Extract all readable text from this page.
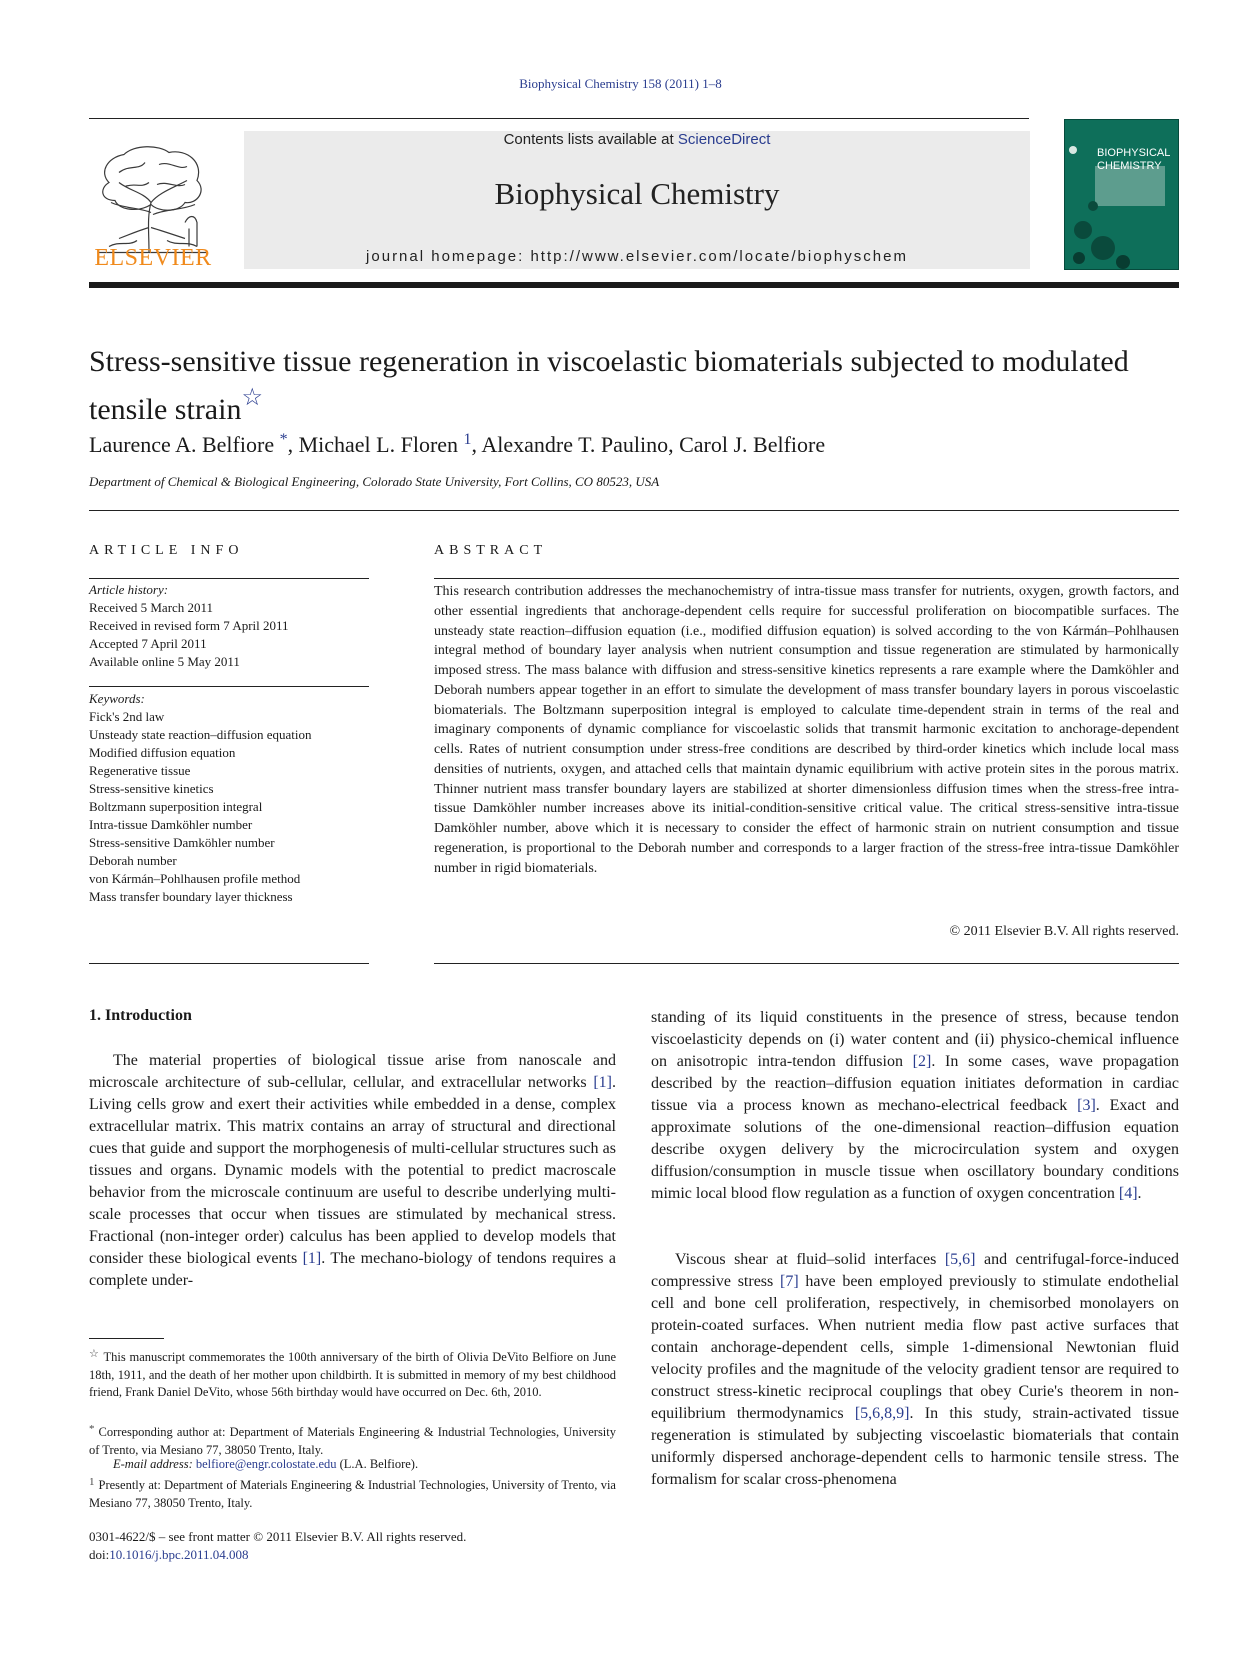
Biophysical Chemistry 158 (2011) 1–8
ELSEVIER
Contents lists available at ScienceDirect
Biophysical Chemistry
journal homepage: http://www.elsevier.com/locate/biophyschem
BIOPHYSICAL
CHEMISTRY
Stress-sensitive tissue regeneration in viscoelastic biomaterials subjected to modulated tensile strain☆
Laurence A. Belfiore *, Michael L. Floren $^1$, Alexandre T. Paulino, Carol J. Belfiore
Department of Chemical & Biological Engineering, Colorado State University, Fort Collins, CO 80523, USA
ARTICLE INFO	ABSTRACT
Article history:
Received 5 March 2011
Received in revised form 7 April 2011
Accepted 7 April 2011
Available online 5 May 2011
Keywords:
Fick's 2nd law
Unsteady state reaction–diffusion equation
Modified diffusion equation
Regenerative tissue
Stress-sensitive kinetics
Boltzmann superposition integral
Intra-tissue Damköhler number
Stress-sensitive Damköhler number
Deborah number
von Kármán–Pohlhausen profile method
Mass transfer boundary layer thickness
This research contribution addresses the mechanochemistry of intra-tissue mass transfer for nutrients, oxygen, growth factors, and other essential ingredients that anchorage-dependent cells require for successful proliferation on biocompatible surfaces. The unsteady state reaction–diffusion equation (i.e., modified diffusion equation) is solved according to the von Kármán–Pohlhausen integral method of boundary layer analysis when nutrient consumption and tissue regeneration are stimulated by harmonically imposed stress. The mass balance with diffusion and stress-sensitive kinetics represents a rare example where the Damköhler and Deborah numbers appear together in an effort to simulate the development of mass transfer boundary layers in porous viscoelastic biomaterials. The Boltzmann superposition integral is employed to calculate time-dependent strain in terms of the real and imaginary components of dynamic compliance for viscoelastic solids that transmit harmonic excitation to anchorage-dependent cells. Rates of nutrient consumption under stress-free conditions are described by third-order kinetics which include local mass densities of nutrients, oxygen, and attached cells that maintain dynamic equilibrium with active protein sites in the porous matrix. Thinner nutrient mass transfer boundary layers are stabilized at shorter dimensionless diffusion times when the stress-free intra-tissue Damköhler number increases above its initial-condition-sensitive critical value. The critical stress-sensitive intra-tissue Damköhler number, above which it is necessary to consider the effect of harmonic strain on nutrient consumption and tissue regeneration, is proportional to the Deborah number and corresponds to a larger fraction of the stress-free intra-tissue Damköhler number in rigid biomaterials.
© 2011 Elsevier B.V. All rights reserved.
1. Introduction
The material properties of biological tissue arise from nanoscale and microscale architecture of sub-cellular, cellular, and extracellular networks [1]. Living cells grow and exert their activities while embedded in a dense, complex extracellular matrix. This matrix contains an array of structural and directional cues that guide and support the morphogenesis of multi-cellular structures such as tissues and organs. Dynamic models with the potential to predict macroscale behavior from the microscale continuum are useful to describe underlying multi-scale processes that occur when tissues are stimulated by mechanical stress. Fractional (non-integer order) calculus has been applied to develop models that consider these biological events [1]. The mechano-biology of tendons requires a complete under-
standing of its liquid constituents in the presence of stress, because tendon viscoelasticity depends on (i) water content and (ii) physico-chemical influence on anisotropic intra-tendon diffusion [2]. In some cases, wave propagation described by the reaction–diffusion equation initiates deformation in cardiac tissue via a process known as mechano-electrical feedback [3]. Exact and approximate solutions of the one-dimensional reaction–diffusion equation describe oxygen delivery by the microcirculation system and oxygen diffusion/consumption in muscle tissue when oscillatory boundary conditions mimic local blood flow regulation as a function of oxygen concentration [4].
Viscous shear at fluid–solid interfaces [5,6] and centrifugal-force-induced compressive stress [7] have been employed previously to stimulate endothelial cell and bone cell proliferation, respectively, in chemisorbed monolayers on protein-coated surfaces. When nutrient media flow past active surfaces that contain anchorage-dependent cells, simple 1-dimensional Newtonian fluid velocity profiles and the magnitude of the velocity gradient tensor are required to construct stress-kinetic reciprocal couplings that obey Curie's theorem in non-equilibrium thermodynamics [5,6,8,9]. In this study, strain-activated tissue regeneration is stimulated by subjecting viscoelastic biomaterials that contain uniformly dispersed anchorage-dependent cells to harmonic tensile stress. The formalism for scalar cross-phenomena
☆ This manuscript commemorates the 100th anniversary of the birth of Olivia DeVito Belfiore on June 18th, 1911, and the death of her mother upon childbirth. It is submitted in memory of my best childhood friend, Frank Daniel DeVito, whose 56th birthday would have occurred on Dec. 6th, 2010.
* Corresponding author at: Department of Materials Engineering & Industrial Technologies, University of Trento, via Mesiano 77, 38050 Trento, Italy.
E-mail address: belfiore@engr.colostate.edu (L.A. Belfiore).
1 Presently at: Department of Materials Engineering & Industrial Technologies, University of Trento, via Mesiano 77, 38050 Trento, Italy.
0301-4622/$ – see front matter © 2011 Elsevier B.V. All rights reserved.
doi:10.1016/j.bpc.2011.04.008
